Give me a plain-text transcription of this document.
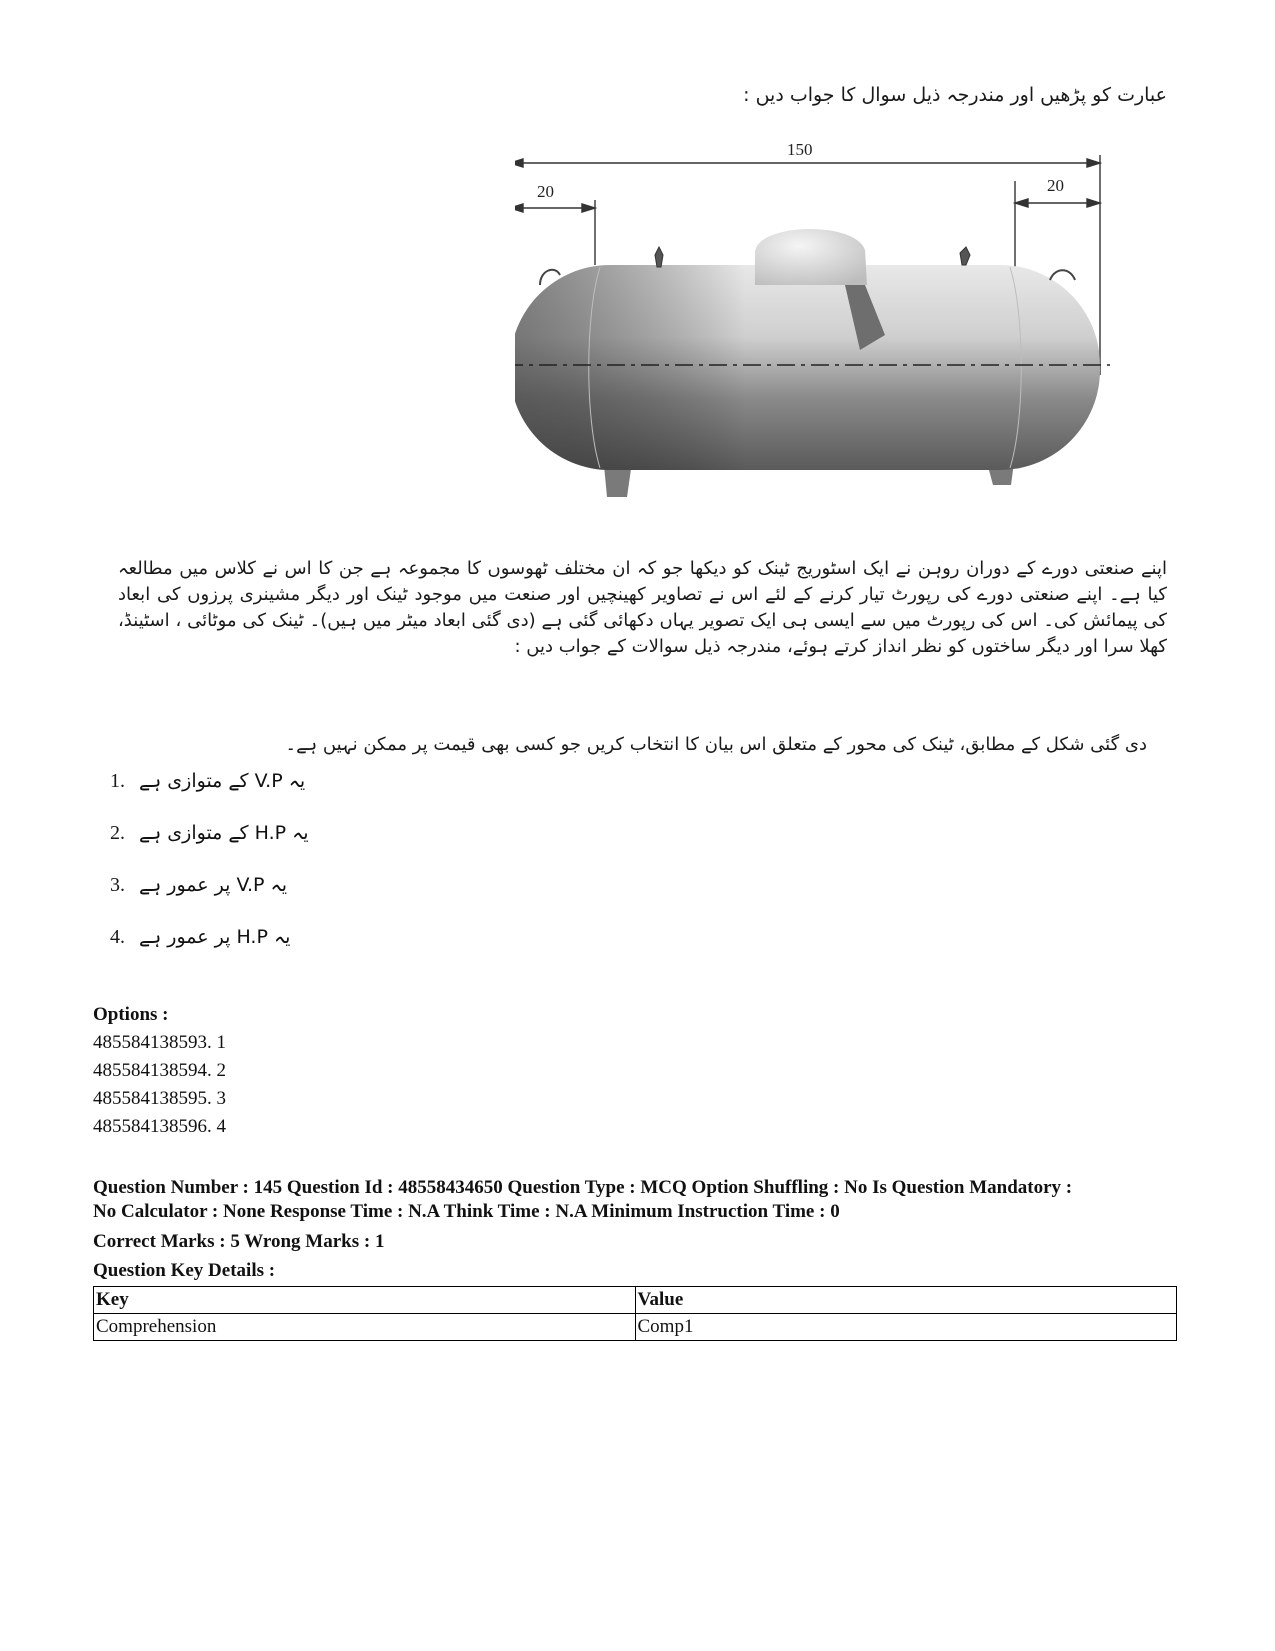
عبارت کو پڑھیں اور مندرجہ ذیل سوال کا جواب دیں :
150
20	20
اپنے صنعتی دورے کے دوران روہن نے ایک اسٹوریج ٹینک کو دیکھا جو کہ ان مختلف ٹھوسوں کا مجموعہ ہے جن کا اس نے کلاس میں مطالعہ کیا ہے۔ اپنے صنعتی دورے کی رپورٹ تیار کرنے کے لئے اس نے تصاویر کھینچیں اور صنعت میں موجود ٹینک اور دیگر مشینری پرزوں کی ابعاد کی پیمائش کی۔ اس کی رپورٹ میں سے ایسی ہی ایک تصویر یہاں دکھائی گئی ہے (دی گئی ابعاد میٹر میں ہیں)۔ ٹینک کی موٹائی ، اسٹینڈ، کھلا سرا اور دیگر ساختوں کو نظر انداز کرتے ہوئے، مندرجہ ذیل سوالات کے جواب دیں :
دی گئی شکل کے مطابق، ٹینک کی محور کے متعلق اس بیان کا انتخاب کریں جو کسی بھی قیمت پر ممکن نہیں ہے۔
1. یہ V.P کے متوازی ہے
2. یہ H.P کے متوازی ہے
3. یہ V.P پر عمور ہے
4. یہ H.P پر عمور ہے
Options :
485584138593. 1
485584138594. 2
485584138595. 3
485584138596. 4
Question Number : 145 Question Id : 48558434650 Question Type : MCQ Option Shuffling : No Is Question Mandatory :
No Calculator : None Response Time : N.A Think Time : N.A Minimum Instruction Time : 0
Correct Marks : 5 Wrong Marks : 1
Question Key Details :
Key	Value
Comprehension	Comp1
